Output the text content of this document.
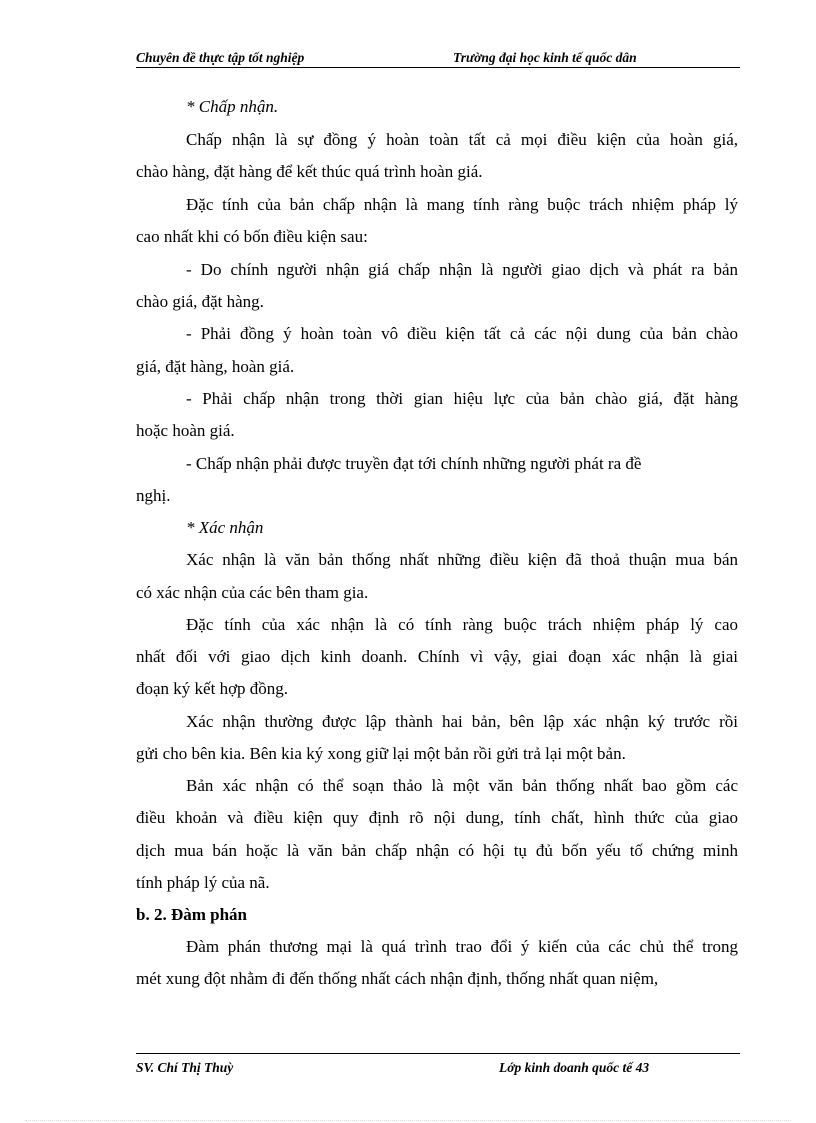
Chuyên đề thực tập tốt nghiệp	Trường đại học kinh tế quốc dân
* Chấp nhận.
Chấp nhận là sự đồng ý hoàn toàn tất cả mọi điều kiện của hoàn giá,
chào hàng, đặt hàng để kết thúc quá trình hoàn giá.
Đặc tính của bản chấp nhận là mang tính ràng buộc trách nhiệm pháp lý
cao nhất khi có bốn điều kiện sau:
- Do chính người nhận giá chấp nhận là người giao dịch và phát ra bản
chào giá, đặt hàng.
- Phải đồng ý hoàn toàn vô điều kiện tất cả các nội dung của bản chào
giá, đặt hàng, hoàn giá.
- Phải chấp nhận trong thời gian hiệu lực của bản chào giá, đặt hàng
hoặc hoàn giá.
- Chấp nhận phải được truyền đạt tới chính những người phát ra đề
nghị.
* Xác nhận
Xác nhận là văn bản thống nhất những điều kiện đã thoả thuận mua bán
có xác nhận của các bên tham gia.
Đặc tính của xác nhận là có tính ràng buộc trách nhiệm pháp lý cao
nhất đối với giao dịch kinh doanh. Chính vì vậy, giai đoạn xác nhận là giai
đoạn ký kết hợp đồng.
Xác nhận thường được lập thành hai bản, bên lập xác nhận ký trước rồi
gửi cho bên kia. Bên kia ký xong giữ lại một bản rồi gửi trả lại một bản.
Bản xác nhận có thể soạn thảo là một văn bản thống nhất bao gồm các
điều khoản và điều kiện quy định rõ nội dung, tính chất, hình thức của giao
dịch mua bán hoặc là văn bản chấp nhận có hội tụ đủ bốn yếu tố chứng minh
tính pháp lý của nã.
b. 2. Đàm phán
Đàm phán thương mại là quá trình trao đổi ý kiến của các chủ thể trong
mét xung đột nhằm đi đến thống nhất cách nhận định, thống nhất quan niệm,
SV. Chí Thị Thuỳ	Lớp kinh doanh quốc tế 43
